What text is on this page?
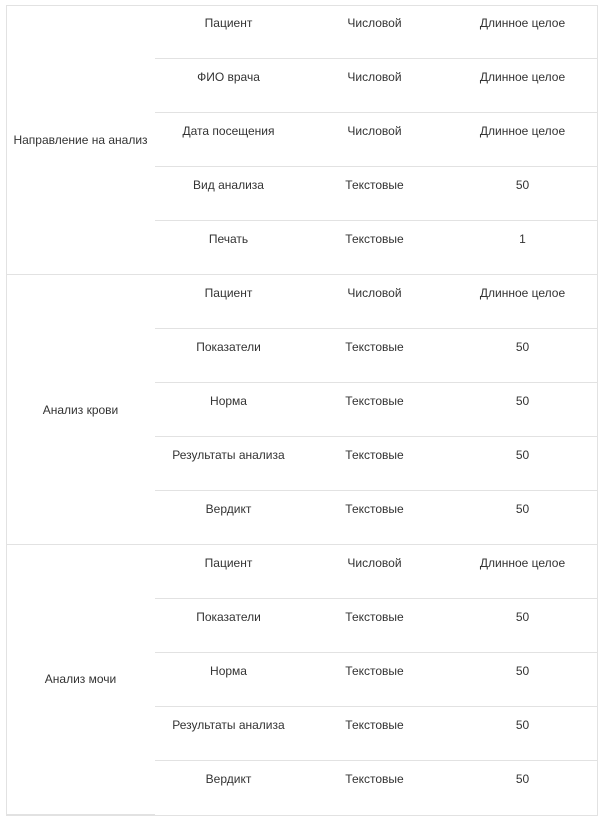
Направление на анализ	Пациент	Числовой	Длинное целое

	ФИО врача	Числовой	Длинное целое

	Дата посещения	Числовой	Длинное целое

	Вид анализа	Текстовые	50

	Печать	Текстовые	1

Анализ крови	Пациент	Числовой	Длинное целое

	Показатели	Текстовые	50

	Норма	Текстовые	50

	Результаты анализа	Текстовые	50

	Вердикт	Текстовые	50

Анализ мочи	Пациент	Числовой	Длинное целое

	Показатели	Текстовые	50

	Норма	Текстовые	50

	Результаты анализа	Текстовые	50

	Вердикт	Текстовые	50
